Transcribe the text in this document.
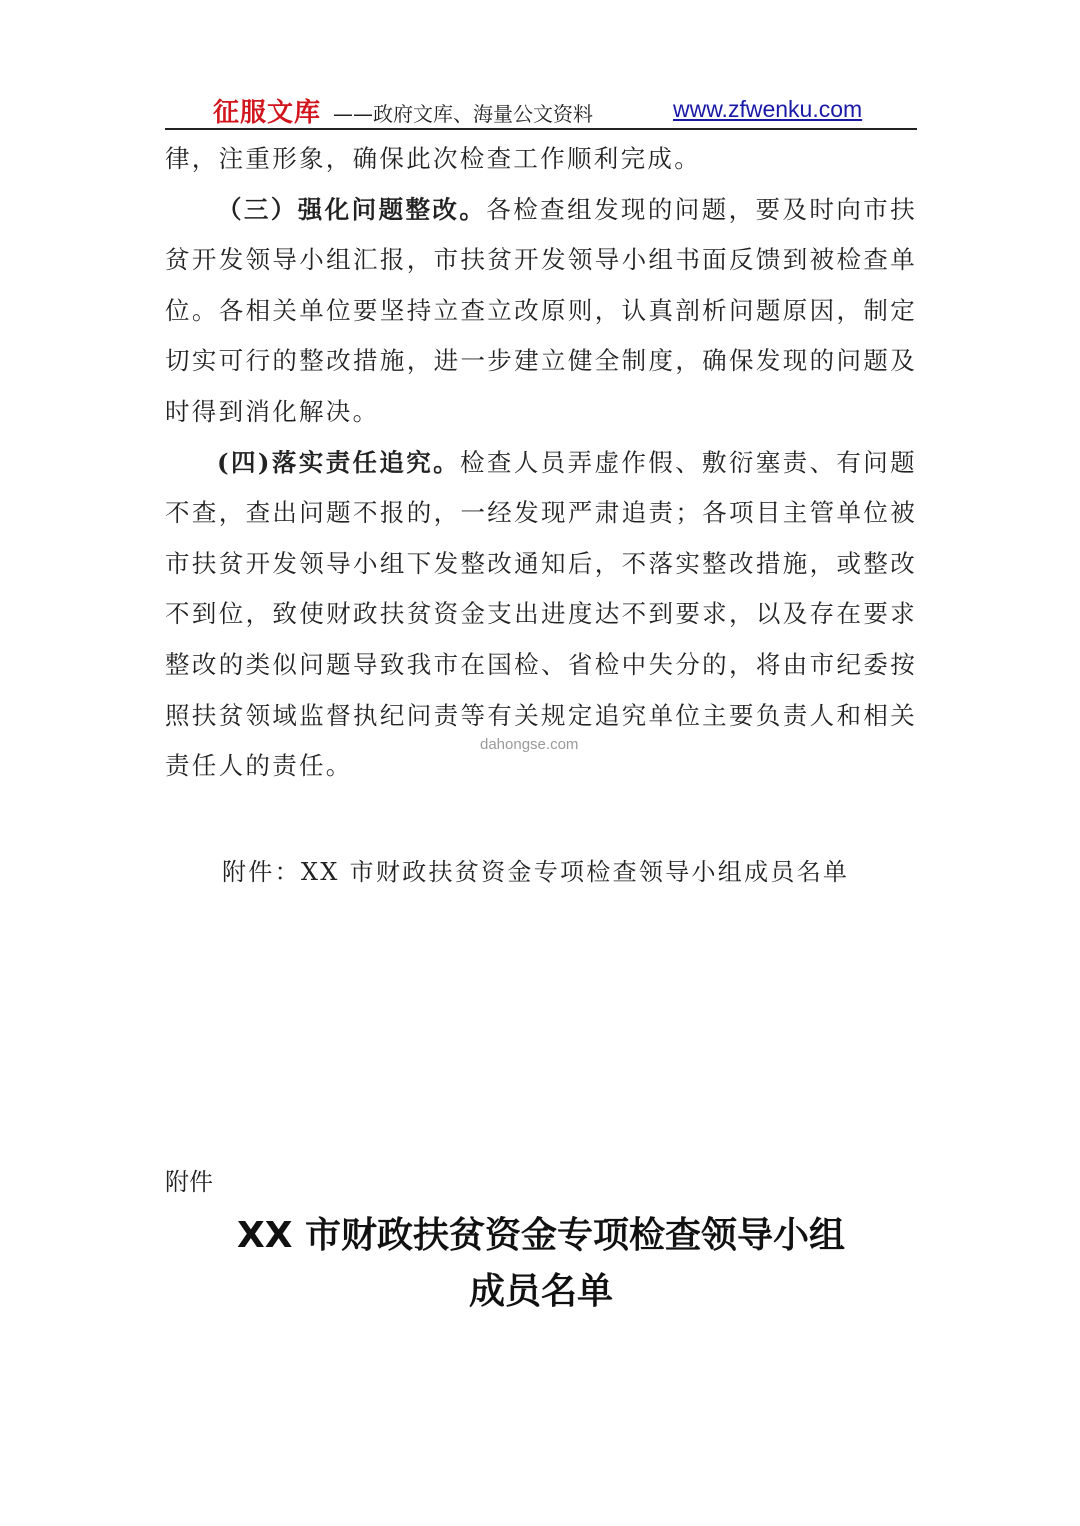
征服文库 ——政府文库、海量公文资料	www.zfwenku.com

律，注重形象，确保此次检查工作顺利完成。

（三）强化问题整改。各检查组发现的问题，要及时向市扶贫开发领导小组汇报，市扶贫开发领导小组书面反馈到被检查单位。各相关单位要坚持立查立改原则，认真剖析问题原因，制定切实可行的整改措施，进一步建立健全制度，确保发现的问题及时得到消化解决。

(四)落实责任追究。检查人员弄虚作假、敷衍塞责、有问题不查，查出问题不报的，一经发现严肃追责；各项目主管单位被市扶贫开发领导小组下发整改通知后，不落实整改措施，或整改不到位，致使财政扶贫资金支出进度达不到要求，以及存在要求整改的类似问题导致我市在国检、省检中失分的，将由市纪委按照扶贫领域监督执纪问责等有关规定追究单位主要负责人和相关责任人的责任。

dahongse.com
附件：XX 市财政扶贫资金专项检查领导小组成员名单
附件
XX 市财政扶贫资金专项检查领导小组
成员名单
